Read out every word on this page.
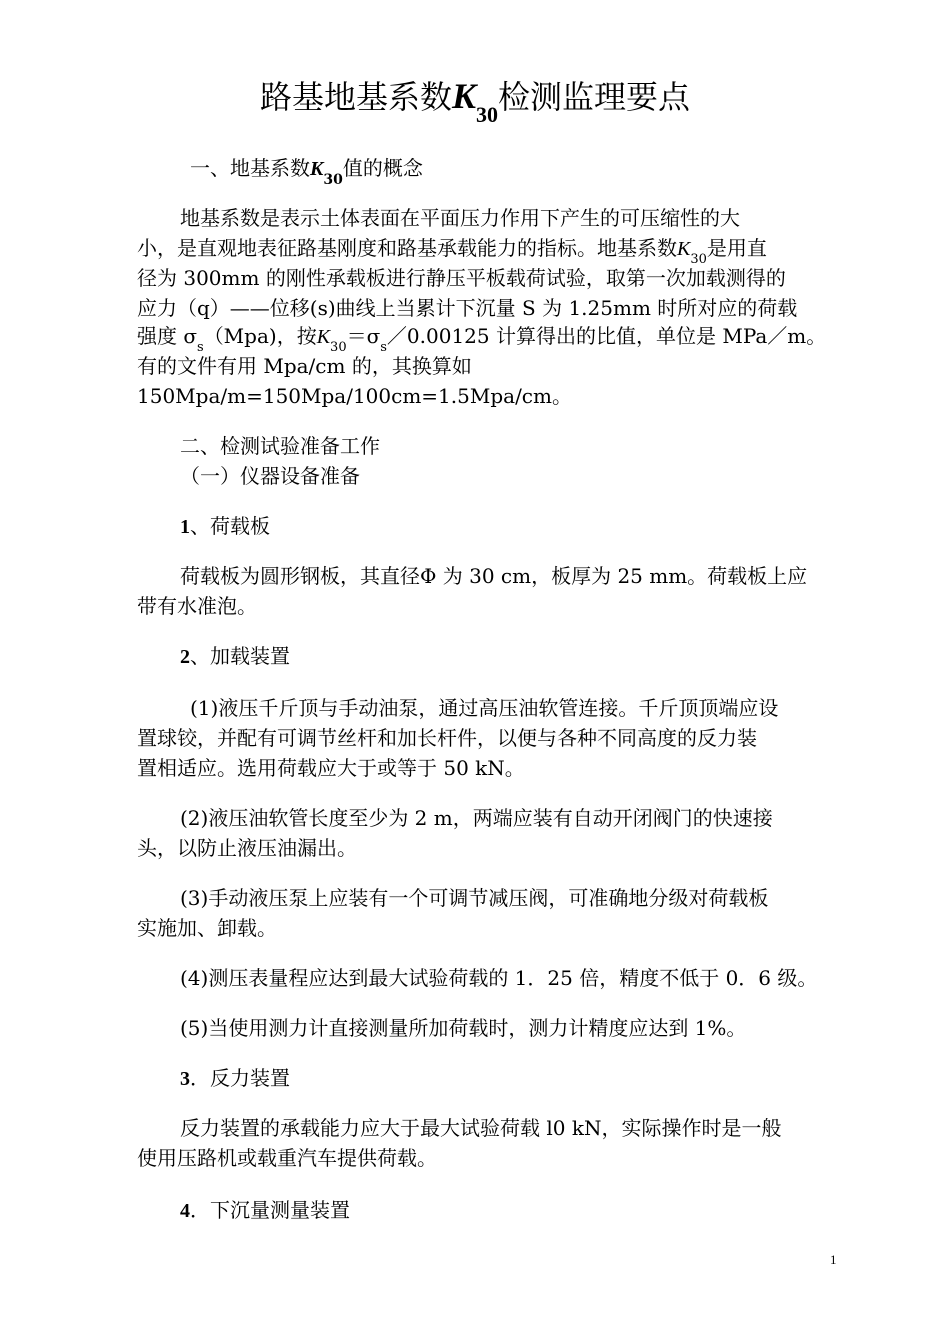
路基地基系数$K_{30}$检测监理要点
一、地基系数$K_{30}$值的概念
地基系数是表示土体表面在平面压力作用下产生的可压缩性的大
小，是直观地表征路基刚度和路基承载能力的指标。地基系数$K_{30}$是用直
径为 300mm 的刚性承载板进行静压平板载荷试验，取第一次加载测得的
应力（q）——位移(s)曲线上当累计下沉量 S 为 1.25mm 时所对应的荷载
强度 $\sigma_s(Mpa)$，按$K_{30}=\sigma_s/0.00125$ 计算得出的比值，单位是 MPa／m。
有的文件有用 Mpa/cm 的，其换算如
150Mpa/m=150Mpa/100cm=1.5Mpa/cm。
二、检测试验准备工作
（一）仪器设备准备
1、荷载板
荷载板为圆形钢板，其直径Φ 为 30 cm，板厚为 25 mm。荷载板上应
带有水准泡。
2、加载装置
(1)液压千斤顶与手动油泵，通过高压油软管连接。千斤顶顶端应设
置球铰，并配有可调节丝杆和加长杆件，以便与各种不同高度的反力装
置相适应。选用荷载应大于或等于 50 kN。
(2)液压油软管长度至少为 2 m，两端应装有自动开闭阀门的快速接
头，以防止液压油漏出。
(3)手动液压泵上应装有一个可调节减压阀，可准确地分级对荷载板
实施加、卸载。
(4)测压表量程应达到最大试验荷载的 1．25 倍，精度不低于 0．6 级。
(5)当使用测力计直接测量所加荷载时，测力计精度应达到 1%。
3．反力装置
反力装置的承载能力应大于最大试验荷载 l0 kN，实际操作时是一般
使用压路机或载重汽车提供荷载。
4．下沉量测量装置
1
